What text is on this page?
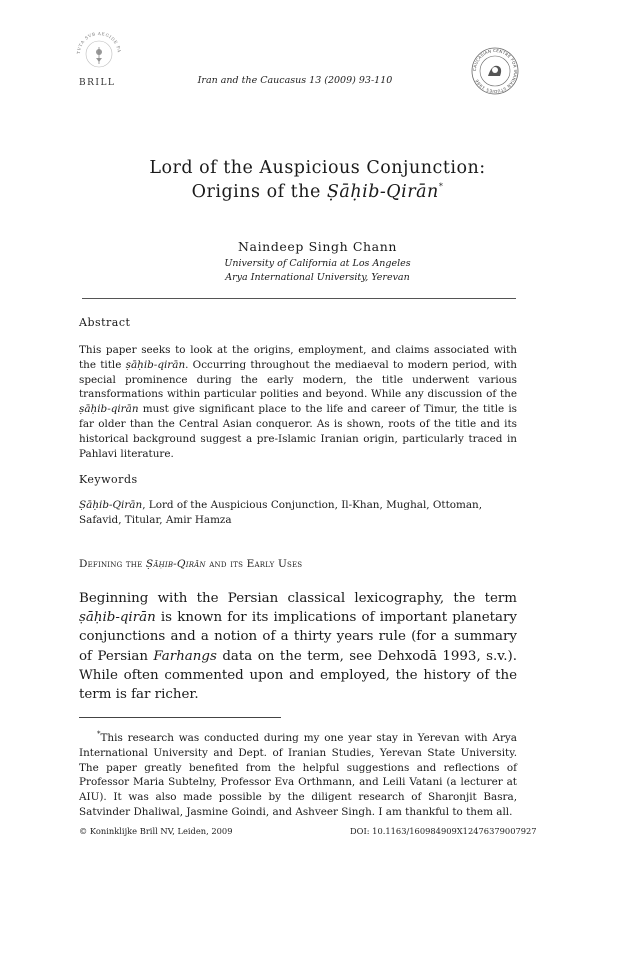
TVTA SVB AEGIDE PA
BRILL	Iran and the Caucasus 13 (2009) 93-110
CAUCASIAN CENTRE FOR IRANIAN STUDIES 1996
Lord of the Auspicious Conjunction:
Origins of the Ṣāḥib-Qirān*
Naindeep Singh Chann
University of California at Los Angeles
Arya International University, Yerevan
Abstract
This paper seeks to look at the origins, employment, and claims associated with the title ṣāḥib-qirān. Occurring throughout the mediaeval to modern period, with special prominence during the early modern, the title underwent various transformations within particular polities and beyond. While any discussion of the ṣāḥib-qirān must give significant place to the life and career of Timur, the title is far older than the Central Asian conqueror. As is shown, roots of the title and its historical background suggest a pre-Islamic Iranian origin, particularly traced in Pahlavi literature.
Keywords
Ṣāḥib-Qirān, Lord of the Auspicious Conjunction, Il-Khan, Mughal, Ottoman, Safavid, Titular, Amir Hamza
Defining the Ṣāḥib-Qirān and its Early Uses
Beginning with the Persian classical lexicography, the term ṣāḥib-qirān is known for its implications of important planetary conjunctions and a notion of a thirty years rule (for a summary of Persian Farhangs data on the term, see Dehxodā 1993, s.v.). While often commented upon and employed, the history of the term is far richer.
*This research was conducted during my one year stay in Yerevan with Arya International University and Dept. of Iranian Studies, Yerevan State University. The paper greatly benefited from the helpful suggestions and reflections of Professor Maria Subtelny, Professor Eva Orthmann, and Leili Vatani (a lecturer at AIU). It was also made possible by the diligent research of Sharonjit Basra, Satvinder Dhaliwal, Jasmine Goindi, and Ashveer Singh. I am thankful to them all.
© Koninklijke Brill NV, Leiden, 2009	DOI: 10.1163/160984909X12476379007927
